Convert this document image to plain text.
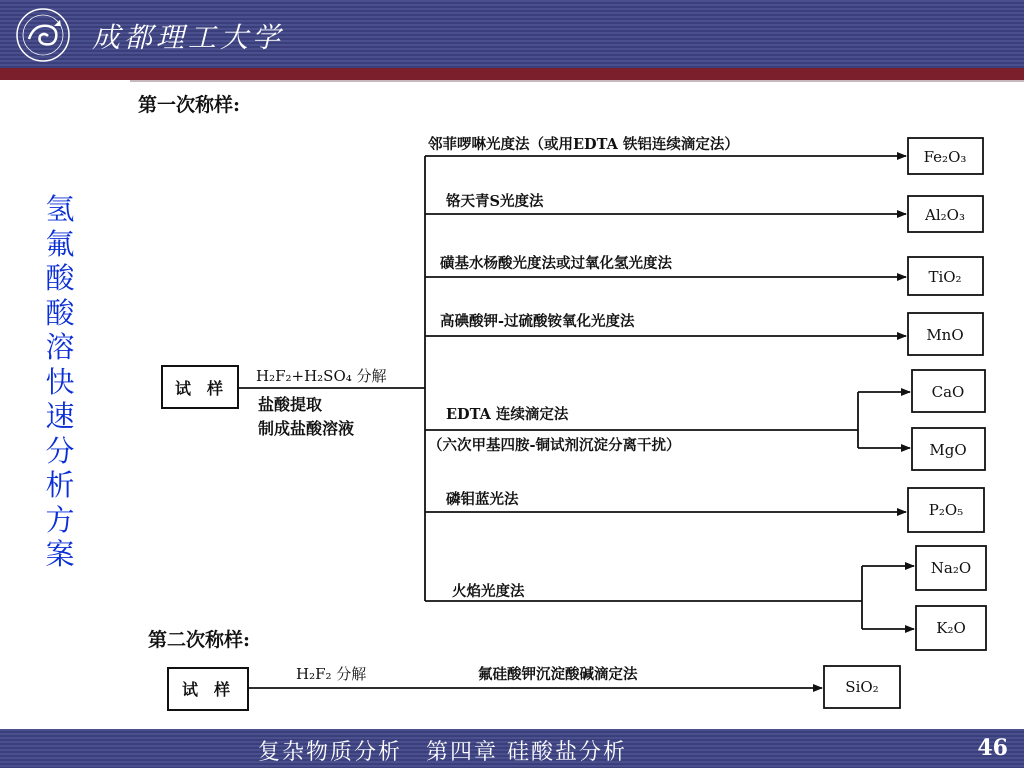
成都理工大学
氢
氟
酸
酸
溶
快
速
分
析
方
案
第一次称样:
第二次称样:
试　样
H₂F₂+H₂SO₄ 分解
盐酸提取
制成盐酸溶液
邻菲啰啉光度法（或用EDTA 铁铝连续滴定法）
Fe₂O₃
铬天青S光度法
Al₂O₃
磺基水杨酸光度法或过氧化氢光度法
TiO₂
高碘酸钾-过硫酸铵氧化光度法
MnO
EDTA 连续滴定法
（六次甲基四胺-铜试剂沉淀分离干扰）
CaO
MgO
磷钼蓝光法
P₂O₅
火焰光度法
Na₂O
K₂O
试　样
H₂F₂ 分解	氟硅酸钾沉淀酸碱滴定法
SiO₂
复杂物质分析　第四章 硅酸盐分析	46
